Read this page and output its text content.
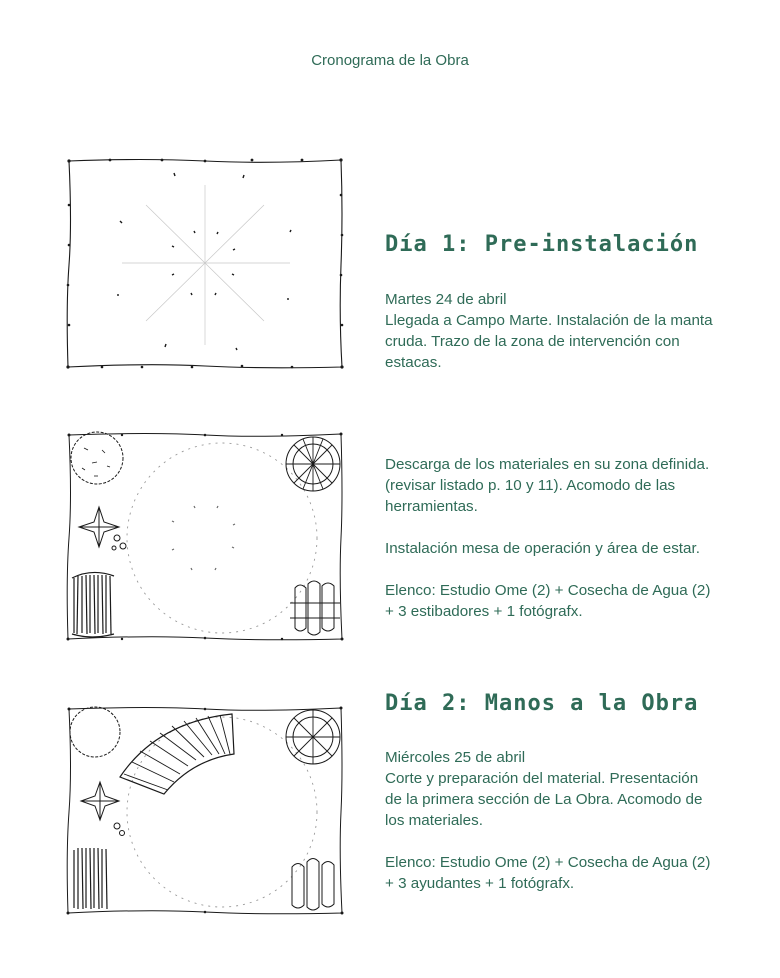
Cronograma de la Obra
Día 1: Pre-instalación

Martes 24 de abril

Llegada a Campo Marte. Instalación de la manta cruda. Trazo de la zona de intervención con estacas.

Descarga de los materiales en su zona definida. (revisar listado p. 10 y 11). Acomodo de las herramientas.

Instalación mesa de operación y área de estar.

Elenco: Estudio Ome (2) + Cosecha de Agua (2) + 3 estibadores + 1 fotógrafx.

Día 2: Manos a la Obra

Miércoles 25 de abril

Corte y preparación del material. Presentación de la primera sección de La Obra. Acomodo de los materiales.

Elenco: Estudio Ome (2) + Cosecha de Agua (2) + 3 ayudantes + 1 fotógrafx.
